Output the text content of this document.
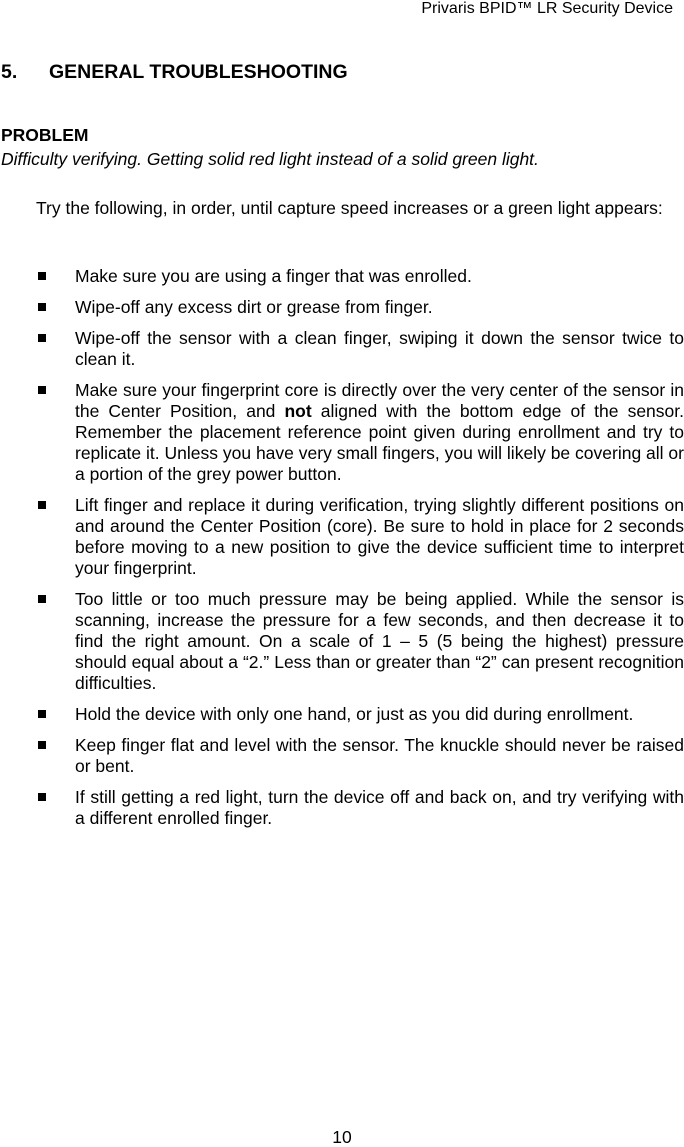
Privaris BPID™ LR Security Device
5. GENERAL TROUBLESHOOTING
PROBLEM
Difficulty verifying. Getting solid red light instead of a solid green light.

Try the following, in order, until capture speed increases or a green light appears:

Make sure you are using a finger that was enrolled.
Wipe-off any excess dirt or grease from finger.
Wipe-off the sensor with a clean finger, swiping it down the sensor twice to clean it.
Make sure your fingerprint core is directly over the very center of the sensor in the Center Position, and not aligned with the bottom edge of the sensor. Remember the placement reference point given during enrollment and try to replicate it. Unless you have very small fingers, you will likely be covering all or a portion of the grey power button.
Lift finger and replace it during verification, trying slightly different positions on and around the Center Position (core). Be sure to hold in place for 2 seconds before moving to a new position to give the device sufficient time to interpret your fingerprint.
Too little or too much pressure may be being applied. While the sensor is scanning, increase the pressure for a few seconds, and then decrease it to find the right amount. On a scale of 1 – 5 (5 being the highest) pressure should equal about a “2.” Less than or greater than “2” can present recognition difficulties.
Hold the device with only one hand, or just as you did during enrollment.
Keep finger flat and level with the sensor. The knuckle should never be raised or bent.
If still getting a red light, turn the device off and back on, and try verifying with a different enrolled finger.
10
